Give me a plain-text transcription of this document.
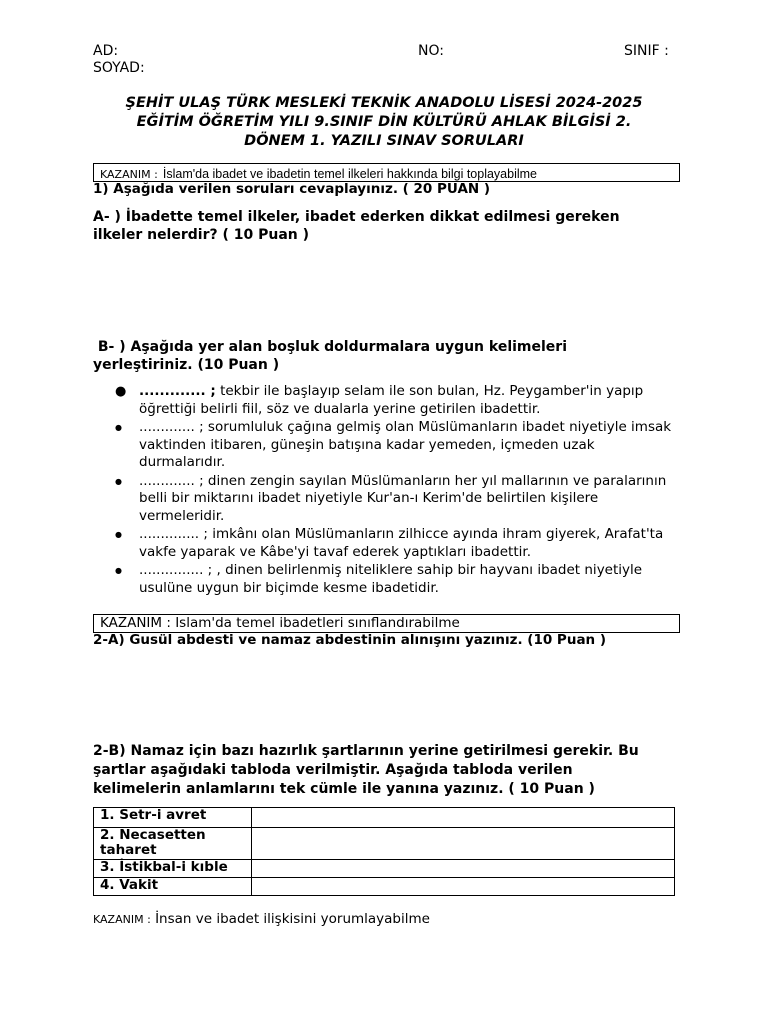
AD:
SOYAD:
NO:	SINIF :
ŞEHİT ULAŞ TÜRK MESLEKİ TEKNİK ANADOLU LİSESİ 2024-2025
EĞİTİM ÖĞRETİM YILI 9.SINIF DİN KÜLTÜRÜ AHLAK BİLGİSİ 2.
DÖNEM 1. YAZILI SINAV SORULARI
KAZANIM : İslam'da ibadet ve ibadetin temel ilkeleri hakkında bilgi toplayabilme
1) Aşağıda verilen soruları cevaplayınız. ( 20 PUAN )
A- ) İbadette temel ilkeler, ibadet ederken dikkat edilmesi gereken
ilkeler nelerdir? ( 10 Puan )
B- ) Aşağıda yer alan boşluk doldurmalara uygun kelimeleri
yerleştiriniz. (10 Puan )
● ............. ; tekbir ile başlayıp selam ile son bulan, Hz. Peygamber'in yapıp öğrettiği belirli fiil, söz ve dualarla yerine getirilen ibadettir.
● ............. ; sorumluluk çağına gelmiş olan Müslümanların ibadet niyetiyle imsak vaktinden itibaren, güneşin batışına kadar yemeden, içmeden uzak durmalarıdır.
● ............. ; dinen zengin sayılan Müslümanların her yıl mallarının ve paralarının belli bir miktarını ibadet niyetiyle Kur'an-ı Kerim'de belirtilen kişilere vermeleridir.
● .............. ; imkânı olan Müslümanların zilhicce ayında ihram giyerek, Arafat'ta vakfe yaparak ve Kâbe'yi tavaf ederek yaptıkları ibadettir.
● ............... ; , dinen belirlenmiş niteliklere sahip bir hayvanı ibadet niyetiyle usulüne uygun bir biçimde kesme ibadetidir.
KAZANIM : Islam'da temel ibadetleri sınıflandırabilme
2-A) Gusül abdesti ve namaz abdestinin alınışını yazınız. (10 Puan )
2-B) Namaz için bazı hazırlık şartlarının yerine getirilmesi gerekir. Bu
şartlar aşağıdaki tabloda verilmiştir. Aşağıda tabloda verilen
kelimelerin anlamlarını tek cümle ile yanına yazınız. ( 10 Puan )
1. Setr-i avret	
2. Necasetten taharet	
3. İstikbal-i kıble	
4. Vakit	
KAZANIM : İnsan ve ibadet ilişkisini yorumlayabilme
